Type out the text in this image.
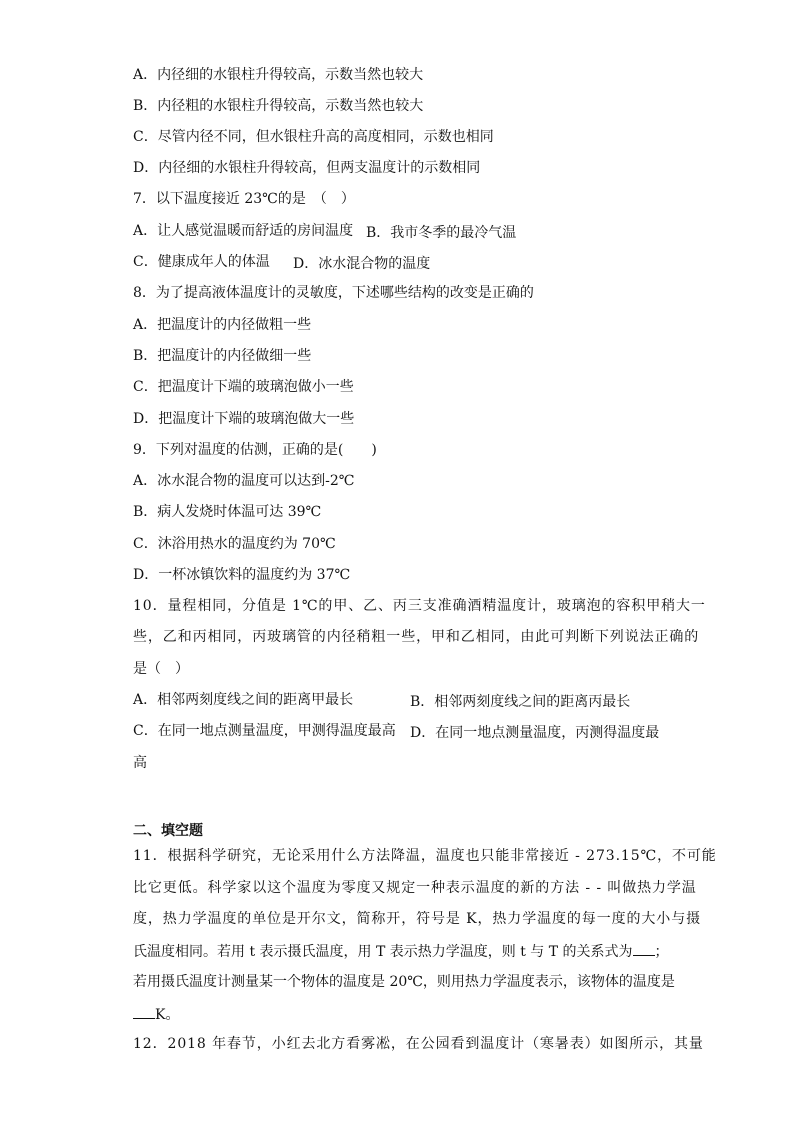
A．内径细的水银柱升得较高，示数当然也较大
B．内径粗的水银柱升得较高，示数当然也较大
C．尽管内径不同，但水银柱升高的高度相同，示数也相同
D．内径细的水银柱升得较高，但两支温度计的示数相同
7．以下温度接近 23℃的是　（　）
A．让人感觉温暖而舒适的房间温度 B．我市冬季的最冷气温
C．健康成年人的体温 D．冰水混合物的温度
8．为了提高液体温度计的灵敏度，下述哪些结构的改变是正确的
A．把温度计的内径做粗一些
B．把温度计的内径做细一些
C．把温度计下端的玻璃泡做小一些
D．把温度计下端的玻璃泡做大一些
9．下列对温度的估测，正确的是(　　)
A．冰水混合物的温度可以达到-2℃
B．病人发烧时体温可达 39℃
C．沐浴用热水的温度约为 70℃
D．一杯冰镇饮料的温度约为 37℃
10．量程相同，分值是 1℃的甲、乙、丙三支准确酒精温度计，玻璃泡的容积甲稍大一
些，乙和丙相同，丙玻璃管的内径稍粗一些，甲和乙相同，由此可判断下列说法正确的
是（　）
A．相邻两刻度线之间的距离甲最长	B．相邻两刻度线之间的距离丙最长
C．在同一地点测量温度，甲测得温度最高 D．在同一地点测量温度，丙测得温度最
高
二、填空题
11．根据科学研究，无论采用什么方法降温，温度也只能非常接近 - 273.15℃，不可能
比它更低。科学家以这个温度为零度又规定一种表示温度的新的方法 - - 叫做热力学温
度，热力学温度的单位是开尔文，简称开，符号是 K，热力学温度的每一度的大小与摄
氏温度相同。若用 t 表示摄氏温度，用 T 表示热力学温度，则 t 与 T 的关系式为 ；
若用摄氏温度计测量某一个物体的温度是 20℃，则用热力学温度表示，该物体的温度是
K。
12．2018 年春节，小红去北方看雾凇，在公园看到温度计（寒暑表）如图所示，其量
